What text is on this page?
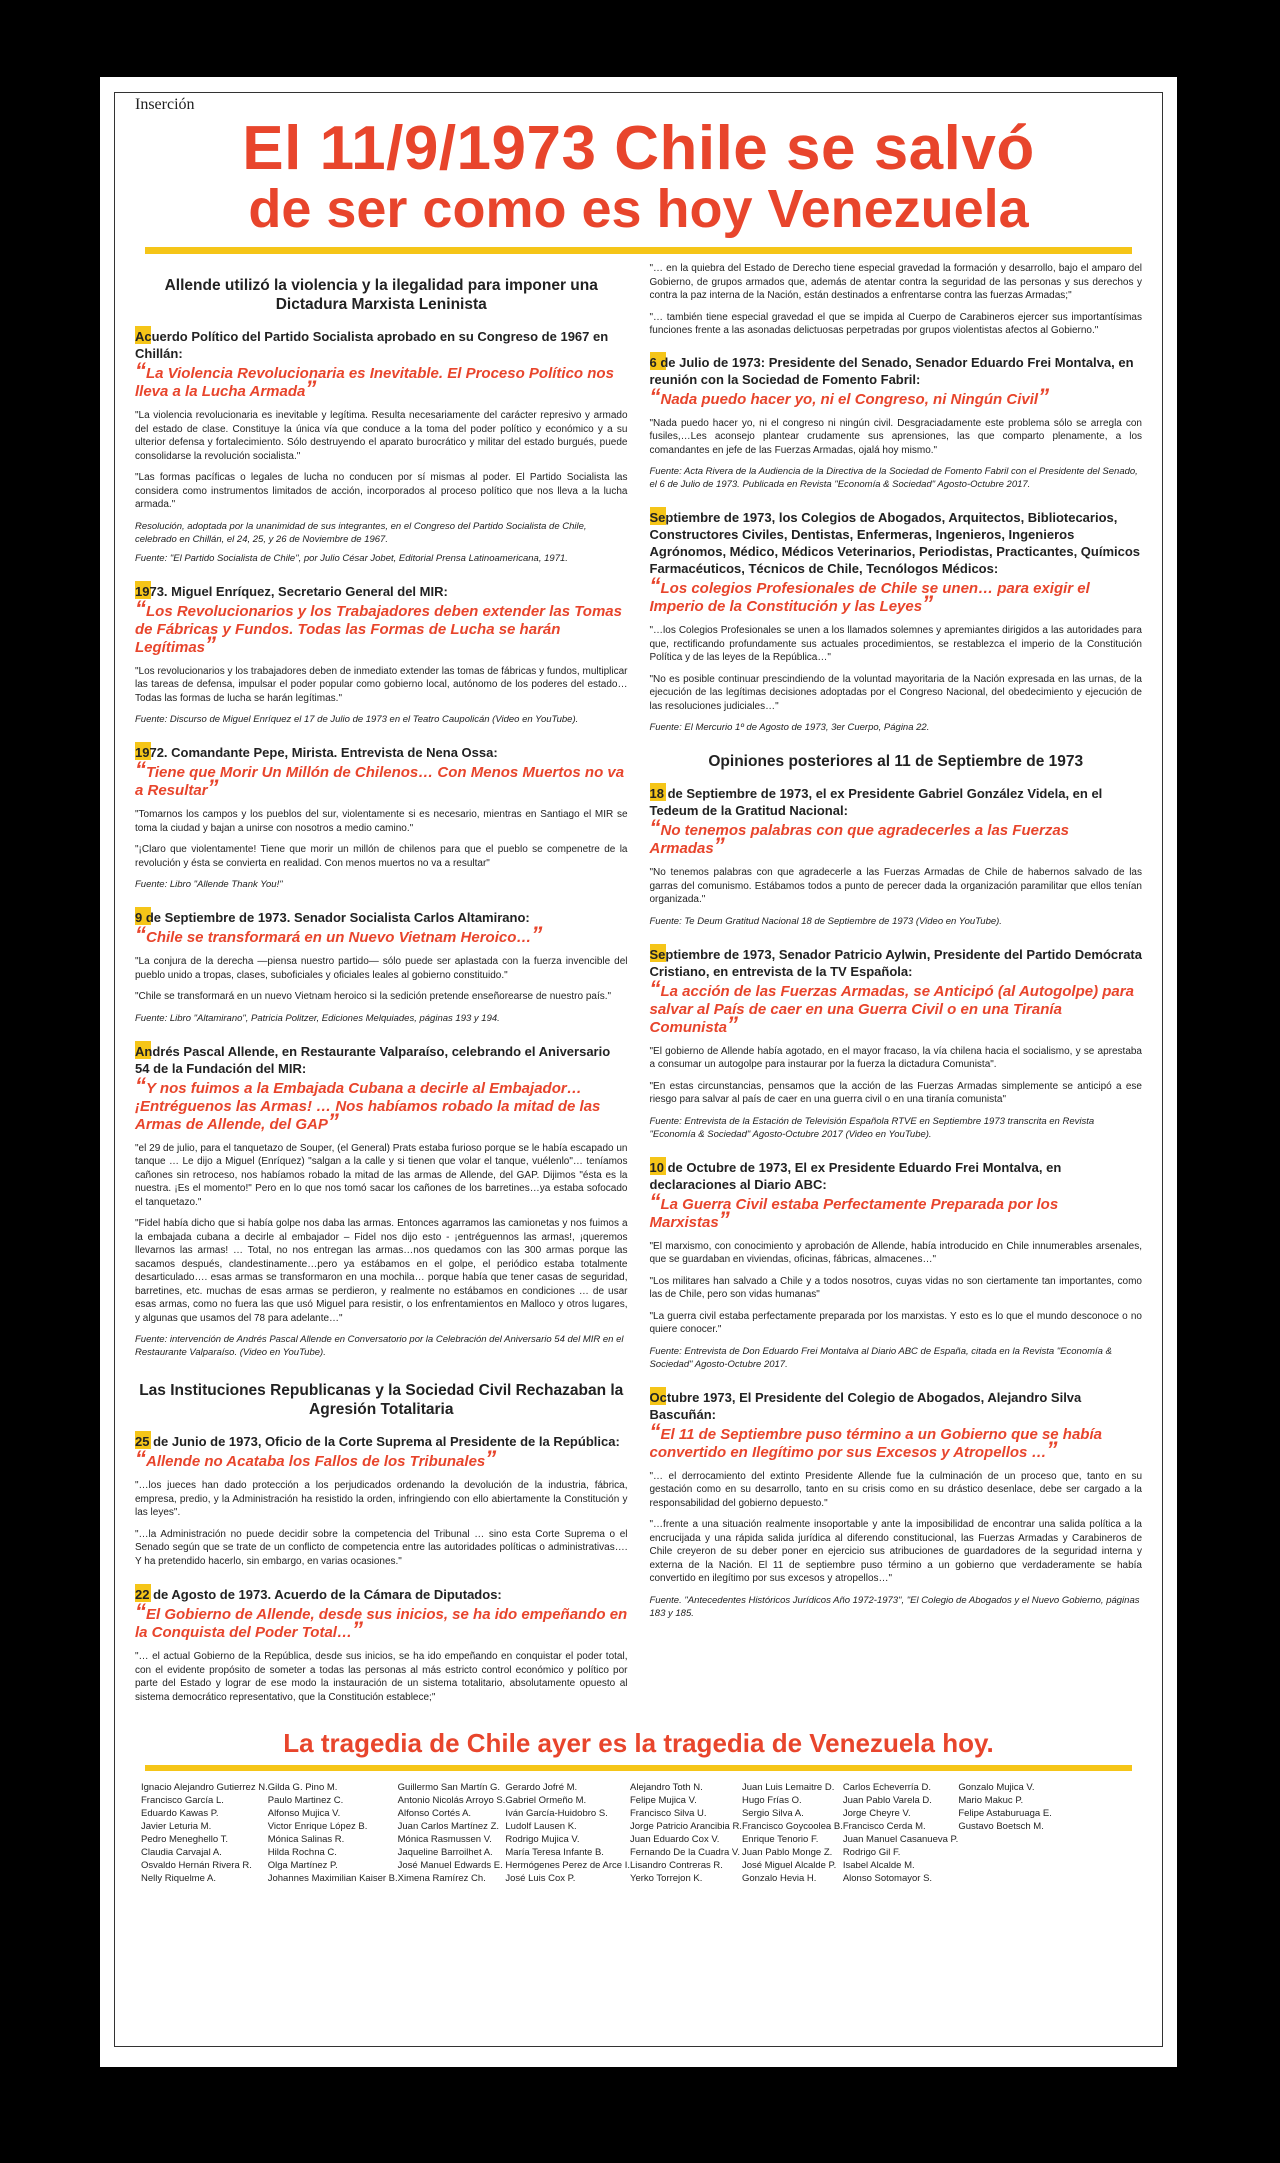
Inserción
El 11/9/1973 Chile se salvó
de ser como es hoy Venezuela
Allende utilizó la violencia y la ilegalidad para imponer una Dictadura Marxista Leninista
Acuerdo Político del Partido Socialista aprobado en su Congreso de 1967 en Chillán:
“ La Violencia Revolucionaria es Inevitable. El Proceso Político nos lleva a la Lucha Armada ”
"La violencia revolucionaria es inevitable y legítima. Resulta necesariamente del carácter represivo y armado del estado de clase. Constituye la única vía que conduce a la toma del poder político y económico y a su ulterior defensa y fortalecimiento. Sólo destruyendo el aparato burocrático y militar del estado burgués, puede consolidarse la revolución socialista."
"Las formas pacíficas o legales de lucha no conducen por sí mismas al poder. El Partido Socialista las considera como instrumentos limitados de acción, incorporados al proceso político que nos lleva a la lucha armada."
Resolución, adoptada por la unanimidad de sus integrantes, en el Congreso del Partido Socialista de Chile, celebrado en Chillán, el 24, 25, y 26 de Noviembre de 1967.
Fuente: "El Partido Socialista de Chile", por Julio César Jobet, Editorial Prensa Latinoamericana, 1971.
1973. Miguel Enríquez, Secretario General del MIR:
“ Los Revolucionarios y los Trabajadores deben extender las Tomas de Fábricas y Fundos. Todas las Formas de Lucha se harán Legítimas ”
"Los revolucionarios y los trabajadores deben de inmediato extender las tomas de fábricas y fundos, multiplicar las tareas de defensa, impulsar el poder popular como gobierno local, autónomo de los poderes del estado… Todas las formas de lucha se harán legítimas."
Fuente: Discurso de Miguel Enríquez el 17 de Julio de 1973 en el Teatro Caupolicán (Video en YouTube).
1972. Comandante Pepe, Mirista. Entrevista de Nena Ossa:
“ Tiene que Morir Un Millón de Chilenos… Con Menos Muertos no va a Resultar ”
"Tomarnos los campos y los pueblos del sur, violentamente si es necesario, mientras en Santiago el MIR se toma la ciudad y bajan a unirse con nosotros a medio camino."
"¡Claro que violentamente! Tiene que morir un millón de chilenos para que el pueblo se compenetre de la revolución y ésta se convierta en realidad. Con menos muertos no va a resultar"
Fuente: Libro "Allende Thank You!"
9 de Septiembre de 1973. Senador Socialista Carlos Altamirano:
“ Chile se transformará en un Nuevo Vietnam Heroico… ”
"La conjura de la derecha —piensa nuestro partido— sólo puede ser aplastada con la fuerza invencible del pueblo unido a tropas, clases, suboficiales y oficiales leales al gobierno constituido."
"Chile se transformará en un nuevo Vietnam heroico si la sedición pretende enseñorearse de nuestro país."
Fuente: Libro "Altamirano", Patricia Politzer, Ediciones Melquiades, páginas 193 y 194.
Andrés Pascal Allende, en Restaurante Valparaíso, celebrando el Aniversario 54 de la Fundación del MIR:
“ Y nos fuimos a la Embajada Cubana a decirle al Embajador… ¡Entréguenos las Armas! … Nos habíamos robado la mitad de las Armas de Allende, del GAP ”
"el 29 de julio, para el tanquetazo de Souper, (el General) Prats estaba furioso porque se le había escapado un tanque … Le dijo a Miguel (Enríquez) "salgan a la calle y si tienen que volar el tanque, vuélenlo"… teníamos cañones sin retroceso, nos habíamos robado la mitad de las armas de Allende, del GAP. Dijimos "ésta es la nuestra. ¡Es el momento!" Pero en lo que nos tomó sacar los cañones de los barretines…ya estaba sofocado el tanquetazo."
"Fidel había dicho que si había golpe nos daba las armas. Entonces agarramos las camionetas y nos fuimos a la embajada cubana a decirle al embajador – Fidel nos dijo esto - ¡entréguennos las armas!, ¡queremos llevarnos las armas! … Total, no nos entregan las armas…nos quedamos con las 300 armas porque las sacamos después, clandestinamente…pero ya estábamos en el golpe, el periódico estaba totalmente desarticulado…. esas armas se transformaron en una mochila… porque había que tener casas de seguridad, barretines, etc. muchas de esas armas se perdieron, y realmente no estábamos en condiciones … de usar esas armas, como no fuera las que usó Miguel para resistir, o los enfrentamientos en Malloco y otros lugares, y algunas que usamos del 78 para adelante…"
Fuente: intervención de Andrés Pascal Allende en Conversatorio por la Celebración del Aniversario 54 del MIR en el Restaurante Valparaíso. (Video en YouTube).
Las Instituciones Republicanas y la Sociedad Civil Rechazaban la Agresión Totalitaria
25 de Junio de 1973, Oficio de la Corte Suprema al Presidente de la República:
“ Allende no Acataba los Fallos de los Tribunales ”
"…los jueces han dado protección a los perjudicados ordenando la devolución de la industria, fábrica, empresa, predio, y la Administración ha resistido la orden, infringiendo con ello abiertamente la Constitución y las leyes".
"…la Administración no puede decidir sobre la competencia del Tribunal … sino esta Corte Suprema o el Senado según que se trate de un conflicto de competencia entre las autoridades políticas o administrativas…. Y ha pretendido hacerlo, sin embargo, en varias ocasiones."
22 de Agosto de 1973. Acuerdo de la Cámara de Diputados:
“ El Gobierno de Allende, desde sus inicios, se ha ido empeñando en la Conquista del Poder Total… ”
"… el actual Gobierno de la República, desde sus inicios, se ha ido empeñando en conquistar el poder total, con el evidente propósito de someter a todas las personas al más estricto control económico y político por parte del Estado y lograr de ese modo la instauración de un sistema totalitario, absolutamente opuesto al sistema democrático representativo, que la Constitución establece;"
"… en la quiebra del Estado de Derecho tiene especial gravedad la formación y desarrollo, bajo el amparo del Gobierno, de grupos armados que, además de atentar contra la seguridad de las personas y sus derechos y contra la paz interna de la Nación, están destinados a enfrentarse contra las fuerzas Armadas;"
"… también tiene especial gravedad el que se impida al Cuerpo de Carabineros ejercer sus importantísimas funciones frente a las asonadas delictuosas perpetradas por grupos violentistas afectos al Gobierno."
6 de Julio de 1973: Presidente del Senado, Senador Eduardo Frei Montalva, en reunión con la Sociedad de Fomento Fabril:
“ Nada puedo hacer yo, ni el Congreso, ni Ningún Civil ”
"Nada puedo hacer yo, ni el congreso ni ningún civil. Desgraciadamente este problema sólo se arregla con fusiles,…Les aconsejo plantear crudamente sus aprensiones, las que comparto plenamente, a los comandantes en jefe de las Fuerzas Armadas, ojalá hoy mismo."
Fuente: Acta Rivera de la Audiencia de la Directiva de la Sociedad de Fomento Fabril con el Presidente del Senado, el 6 de Julio de 1973. Publicada en Revista "Economía & Sociedad" Agosto-Octubre 2017.
Septiembre de 1973, los Colegios de Abogados, Arquitectos, Bibliotecarios, Constructores Civiles, Dentistas, Enfermeras, Ingenieros, Ingenieros Agrónomos, Médico, Médicos Veterinarios, Periodistas, Practicantes, Químicos Farmacéuticos, Técnicos de Chile, Tecnólogos Médicos:
“ Los colegios Profesionales de Chile se unen… para exigir el Imperio de la Constitución y las Leyes ”
"…los Colegios Profesionales se unen a los llamados solemnes y apremiantes dirigidos a las autoridades para que, rectificando profundamente sus actuales procedimientos, se restablezca el imperio de la Constitución Política y de las leyes de la República…"
"No es posible continuar prescindiendo de la voluntad mayoritaria de la Nación expresada en las urnas, de la ejecución de las legítimas decisiones adoptadas por el Congreso Nacional, del obedecimiento y ejecución de las resoluciones judiciales…"
Fuente: El Mercurio 1º de Agosto de 1973, 3er Cuerpo, Página 22.
Opiniones posteriores al 11 de Septiembre de 1973
18 de Septiembre de 1973, el ex Presidente Gabriel González Videla, en el Tedeum de la Gratitud Nacional:
“ No tenemos palabras con que agradecerles a las Fuerzas Armadas ”
"No tenemos palabras con que agradecerle a las Fuerzas Armadas de Chile de habernos salvado de las garras del comunismo. Estábamos todos a punto de perecer dada la organización paramilitar que ellos tenían organizada."
Fuente: Te Deum Gratitud Nacional 18 de Septiembre de 1973 (Video en YouTube).
Septiembre de 1973, Senador Patricio Aylwin, Presidente del Partido Demócrata Cristiano, en entrevista de la TV Española:
“ La acción de las Fuerzas Armadas, se Anticipó (al Autogolpe) para salvar al País de caer en una Guerra Civil o en una Tiranía Comunista ”
"El gobierno de Allende había agotado, en el mayor fracaso, la vía chilena hacia el socialismo, y se aprestaba a consumar un autogolpe para instaurar por la fuerza la dictadura Comunista".
"En estas circunstancias, pensamos que la acción de las Fuerzas Armadas simplemente se anticipó a ese riesgo para salvar al país de caer en una guerra civil o en una tiranía comunista"
Fuente: Entrevista de la Estación de Televisión Española RTVE en Septiembre 1973 transcrita en Revista "Economía & Sociedad" Agosto-Octubre 2017 (Video en YouTube).
10 de Octubre de 1973, El ex Presidente Eduardo Frei Montalva, en declaraciones al Diario ABC:
“ La Guerra Civil estaba Perfectamente Preparada por los Marxistas ”
"El marxismo, con conocimiento y aprobación de Allende, había introducido en Chile innumerables arsenales, que se guardaban en viviendas, oficinas, fábricas, almacenes…"
"Los militares han salvado a Chile y a todos nosotros, cuyas vidas no son ciertamente tan importantes, como las de Chile, pero son vidas humanas"
"La guerra civil estaba perfectamente preparada por los marxistas. Y esto es lo que el mundo desconoce o no quiere conocer."
Fuente: Entrevista de Don Eduardo Frei Montalva al Diario ABC de España, citada en la Revista "Economía & Sociedad" Agosto-Octubre 2017.
Octubre 1973, El Presidente del Colegio de Abogados, Alejandro Silva Bascuñán:
“ El 11 de Septiembre puso término a un Gobierno que se había convertido en Ilegítimo por sus Excesos y Atropellos … ”
"… el derrocamiento del extinto Presidente Allende fue la culminación de un proceso que, tanto en su gestación como en su desarrollo, tanto en su crisis como en su drástico desenlace, debe ser cargado a la responsabilidad del gobierno depuesto."
"…frente a una situación realmente insoportable y ante la imposibilidad de encontrar una salida política a la encrucijada y una rápida salida jurídica al diferendo constitucional, las Fuerzas Armadas y Carabineros de Chile creyeron de su deber poner en ejercicio sus atribuciones de guardadores de la seguridad interna y externa de la Nación. El 11 de septiembre puso término a un gobierno que verdaderamente se había convertido en ilegítimo por sus excesos y atropellos…"
Fuente. "Antecedentes Históricos Jurídicos Año 1972-1973", "El Colegio de Abogados y el Nuevo Gobierno, páginas 183 y 185.
La tragedia de Chile ayer es la tragedia de Venezuela hoy.
Ignacio Alejandro Gutierrez N.
Francisco García L.
Eduardo Kawas P.
Javier Leturia M.
Pedro Meneghello T.
Claudia Carvajal A.
Osvaldo Hernán Rivera R.
Nelly Riquelme A.
Gilda G. Pino M.
Paulo Martinez C.
Alfonso Mujica V.
Victor Enrique López B.
Mónica Salinas R.
Hilda Rochna C.
Olga Martínez P.
Johannes Maximilian Kaiser B.
Guillermo San Martín G.
Antonio Nicolás Arroyo S.
Alfonso Cortés A.
Juan Carlos Martínez Z.
Mónica Rasmussen V.
Jaqueline Barroilhet A.
José Manuel Edwards E.
Ximena Ramírez Ch.
Gerardo Jofré M.
Gabriel Ormeño M.
Iván García-Huidobro S.
Ludolf Lausen K.
Rodrigo Mujica V.
María Teresa Infante B.
Hermógenes Perez de Arce I.
José Luis Cox P.
Alejandro Toth N.
Felipe Mujica V.
Francisco Silva U.
Jorge Patricio Arancibia R.
Juan Eduardo Cox V.
Fernando De la Cuadra V.
Lisandro Contreras R.
Yerko Torrejon K.
Juan Luis Lemaitre D.
Hugo Frías O.
Sergio Silva A.
Francisco Goycoolea B.
Enrique Tenorio F.
Juan Pablo Monge Z.
José Miguel Alcalde P.
Gonzalo Hevia H.
Carlos Echeverría D.
Juan Pablo Varela D.
Jorge Cheyre V.
Francisco Cerda M.
Juan Manuel Casanueva P.
Rodrigo Gil F.
Isabel Alcalde M.
Alonso Sotomayor S.
Gonzalo Mujica V.
Mario Makuc P.
Felipe Astaburuaga E.
Gustavo Boetsch M.
